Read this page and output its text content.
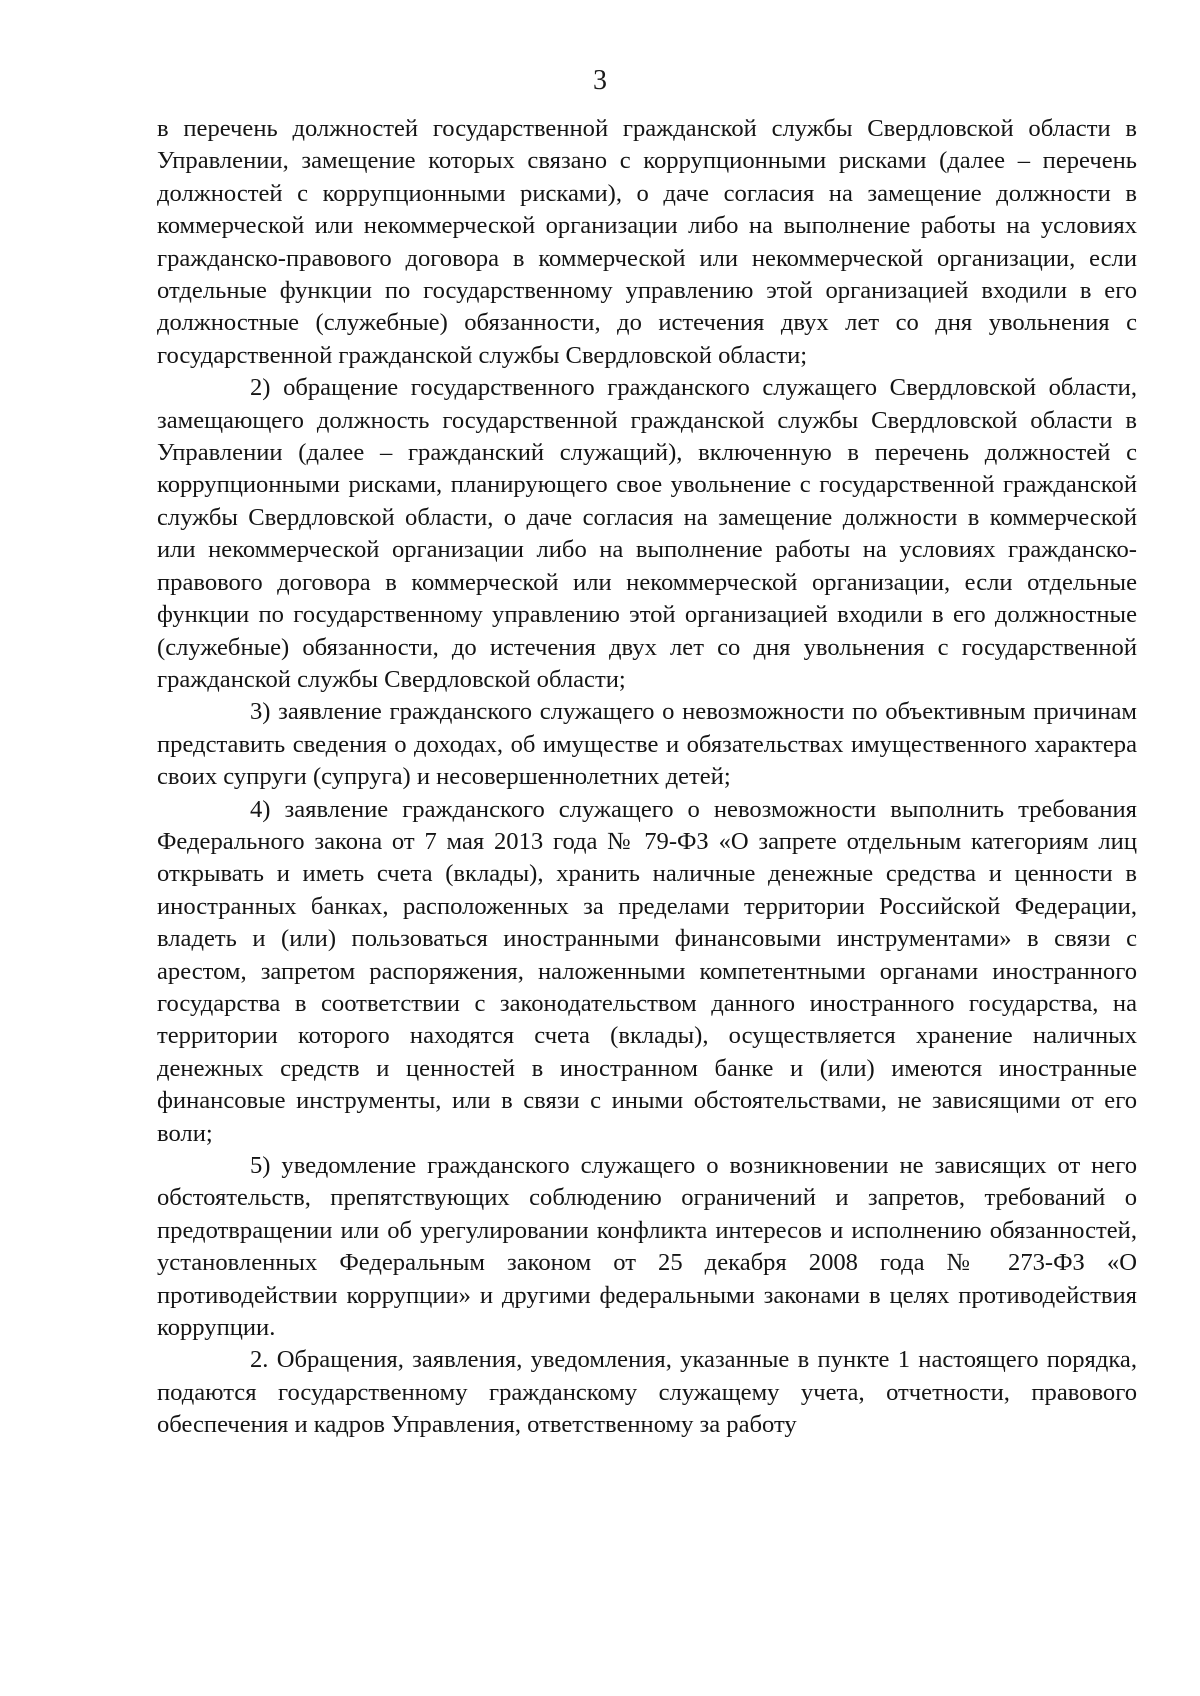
3

в перечень должностей государственной гражданской службы Свердловской области в Управлении, замещение которых связано с коррупционными рисками (далее – перечень должностей с коррупционными рисками), о даче согласия на замещение должности в коммерческой или некоммерческой организации либо на выполнение работы на условиях гражданско-правового договора в коммерческой или некоммерческой организации, если отдельные функции по государственному управлению этой организацией входили в его должностные (служебные) обязанности, до истечения двух лет со дня увольнения с государственной гражданской службы Свердловской области;

2) обращение государственного гражданского служащего Свердловской области, замещающего должность государственной гражданской службы Свердловской области в Управлении (далее – гражданский служащий), включенную в перечень должностей с коррупционными рисками, планирующего свое увольнение с государственной гражданской службы Свердловской области, о даче согласия на замещение должности в коммерческой или некоммерческой организации либо на выполнение работы на условиях гражданско-правового договора в коммерческой или некоммерческой организации, если отдельные функции по государственному управлению этой организацией входили в его должностные (служебные) обязанности, до истечения двух лет со дня увольнения с государственной гражданской службы Свердловской области;

3) заявление гражданского служащего о невозможности по объективным причинам представить сведения о доходах, об имуществе и обязательствах имущественного характера своих супруги (супруга) и несовершеннолетних детей;

4) заявление гражданского служащего о невозможности выполнить требования Федерального закона от 7 мая 2013 года № 79-ФЗ «О запрете отдельным категориям лиц открывать и иметь счета (вклады), хранить наличные денежные средства и ценности в иностранных банках, расположенных за пределами территории Российской Федерации, владеть и (или) пользоваться иностранными финансовыми инструментами» в связи с арестом, запретом распоряжения, наложенными компетентными органами иностранного государства в соответствии с законодательством данного иностранного государства, на территории которого находятся счета (вклады), осуществляется хранение наличных денежных средств и ценностей в иностранном банке и (или) имеются иностранные финансовые инструменты, или в связи с иными обстоятельствами, не зависящими от его воли;

5) уведомление гражданского служащего о возникновении не зависящих от него обстоятельств, препятствующих соблюдению ограничений и запретов, требований о предотвращении или об урегулировании конфликта интересов и исполнению обязанностей, установленных Федеральным законом от 25 декабря 2008 года № 273-ФЗ «О противодействии коррупции» и другими федеральными законами в целях противодействия коррупции.

2. Обращения, заявления, уведомления, указанные в пункте 1 настоящего порядка, подаются государственному гражданскому служащему учета, отчетности, правового обеспечения и кадров Управления, ответственному за работу
